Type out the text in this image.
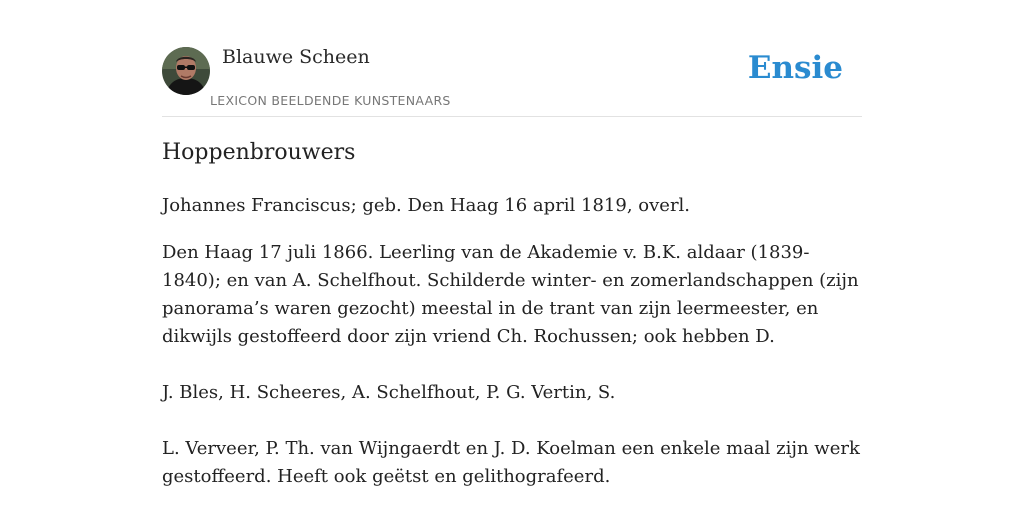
Blauwe Scheen
LEXICON BEELDENDE KUNSTENAARS
Ensie
Hoppenbrouwers

Johannes Franciscus; geb. Den Haag 16 april 1819, overl.

Den Haag 17 juli 1866. Leerling van de Akademie v. B.K. aldaar (1839-1840); en van A. Schelfhout. Schilderde winter- en zomerlandschappen (zijn panorama’s waren gezocht) meestal in de trant van zijn leermeester, en dikwijls gestoffeerd door zijn vriend Ch. Rochussen; ook hebben D.

J. Bles, H. Scheeres, A. Schelfhout, P. G. Vertin, S.

L. Verveer, P. Th. van Wijngaerdt en J. D. Koelman een enkele maal zijn werk gestoffeerd. Heeft ook geëtst en gelithografeerd.
